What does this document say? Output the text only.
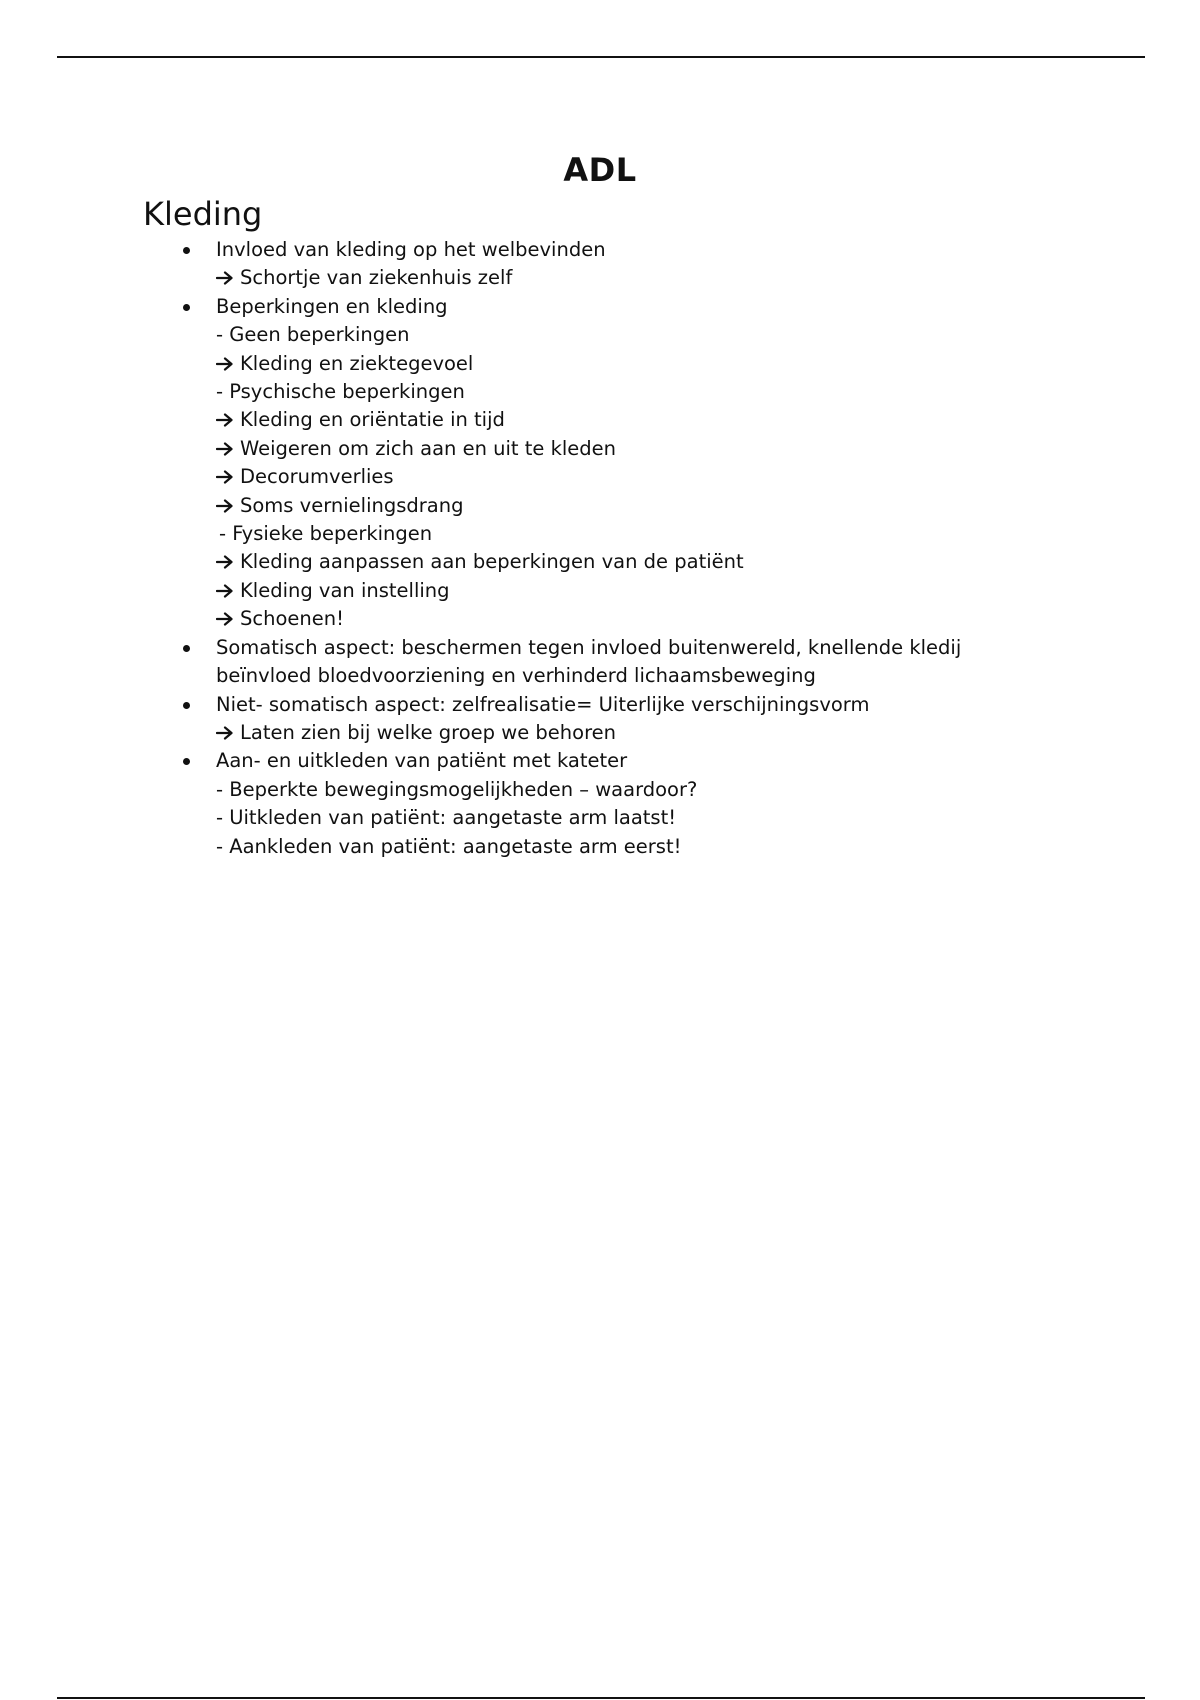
ADL
Kleding
Invloed van kleding op het welbevinden
Schortje van ziekenhuis zelf
Beperkingen en kleding
- Geen beperkingen
Kleding en ziektegevoel
- Psychische beperkingen
Kleding en oriëntatie in tijd
Weigeren om zich aan en uit te kleden
Decorumverlies
Soms vernielingsdrang
- Fysieke beperkingen
Kleding aanpassen aan beperkingen van de patiënt
Kleding van instelling
Schoenen!
Somatisch aspect: beschermen tegen invloed buitenwereld, knellende kledij
beïnvloed bloedvoorziening en verhinderd lichaamsbeweging
Niet- somatisch aspect: zelfrealisatie= Uiterlijke verschijningsvorm
Laten zien bij welke groep we behoren
Aan- en uitkleden van patiënt met kateter
- Beperkte bewegingsmogelijkheden – waardoor?
- Uitkleden van patiënt: aangetaste arm laatst!
- Aankleden van patiënt: aangetaste arm eerst!
